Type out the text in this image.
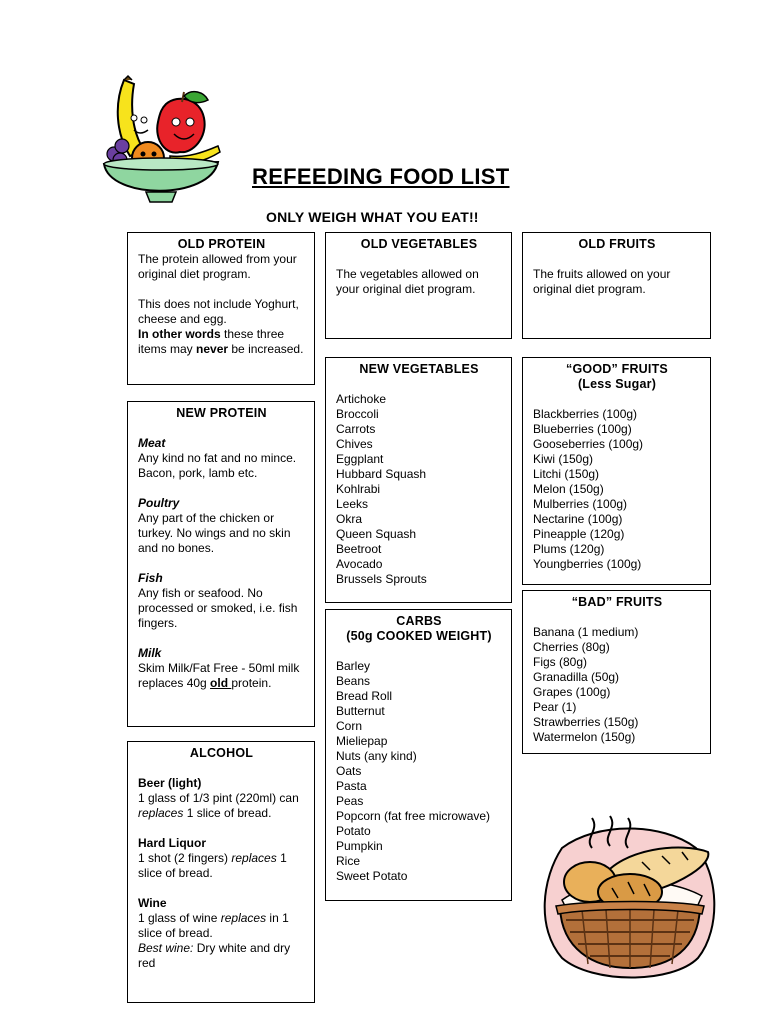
REFEEDING FOOD LIST
ONLY WEIGH WHAT YOU EAT!!
OLD PROTEIN

The protein allowed from your original diet program.

This does not include Yoghurt, cheese and egg.

In other words these three items may never be increased.

NEW PROTEIN

Meat

Any kind no fat and no mince. Bacon, pork, lamb etc.

Poultry

Any part of the chicken or turkey. No wings and no skin and no bones.

Fish

Any fish or seafood. No processed or smoked, i.e. fish fingers.

Milk

Skim Milk/Fat Free - 50ml milk replaces 40g old protein.

ALCOHOL

Beer (light)

1 glass of 1/3 pint (220ml) can replaces 1 slice of bread.

Hard Liquor

1 shot (2 fingers) replaces 1 slice of bread.

Wine

1 glass of wine replaces in 1 slice of bread.

Best wine: Dry white and dry red

OLD VEGETABLES

The vegetables allowed on your original diet program.

NEW VEGETABLES
Artichoke
Broccoli
Carrots
Chives
Eggplant
Hubbard Squash
Kohlrabi
Leeks
Okra
Queen Squash
Beetroot
Avocado
Brussels Sprouts
CARBS
(50g COOKED WEIGHT)
Barley
Beans
Bread Roll
Butternut
Corn
Mieliepap
Nuts (any kind)
Oats
Pasta
Peas
Popcorn (fat free microwave)
Potato
Pumpkin
Rice
Sweet Potato
OLD FRUITS

The fruits allowed on your original diet program.

“GOOD” FRUITS
(Less Sugar)
Blackberries (100g)
Blueberries (100g)
Gooseberries (100g)
Kiwi (150g)
Litchi (150g)
Melon (150g)
Mulberries (100g)
Nectarine (100g)
Pineapple (120g)
Plums (120g)
Youngberries (100g)
“BAD” FRUITS
Banana (1 medium)
Cherries (80g)
Figs (80g)
Granadilla (50g)
Grapes (100g)
Pear (1)
Strawberries (150g)
Watermelon (150g)
